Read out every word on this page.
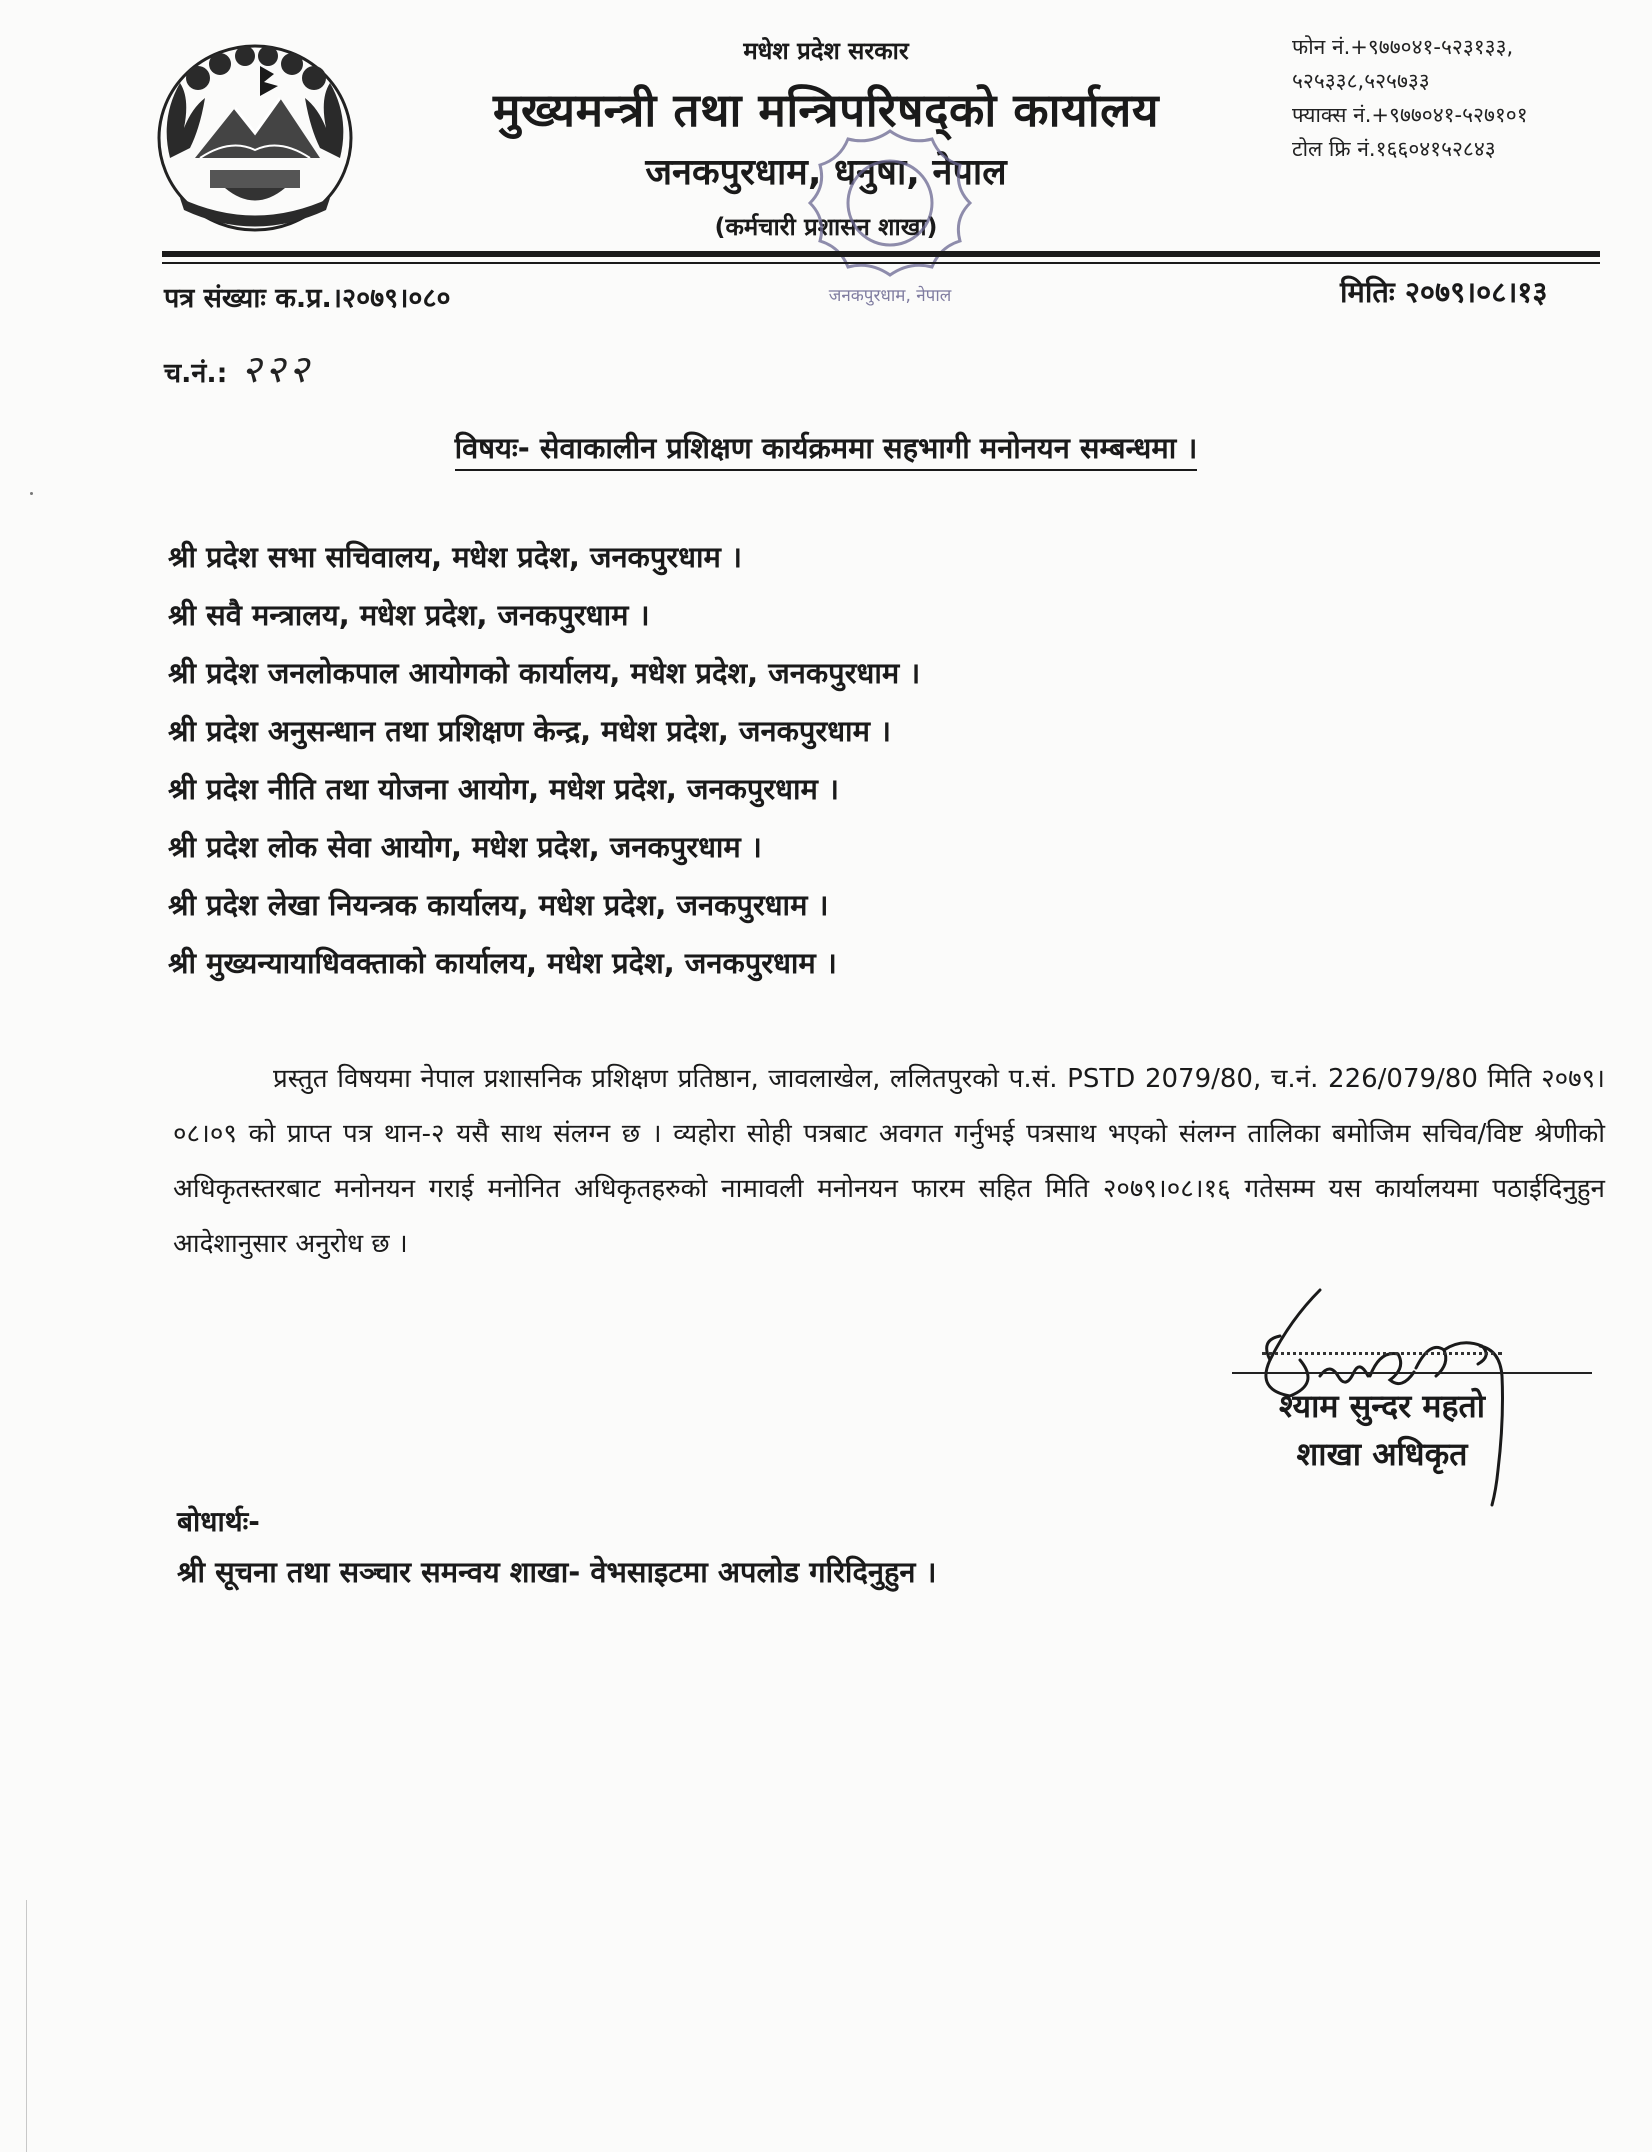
मधेश प्रदेश सरकार
मुख्यमन्त्री तथा मन्त्रिपरिषद्को कार्यालय
जनकपुरधाम, धनुषा, नेपाल
(कर्मचारी प्रशासन शाखा)
जनकपुरधाम, नेपाल
फोन नं.+९७७०४१-५२३१३३,
५२५३३८,५२५७३३
फ्याक्स नं.+९७७०४१-५२७१०१
टोल फ्रि नं.१६६०४१५२८४३
पत्र संख्याः क.प्र.।२०७९।०८०	मितिः २०७९।०८।१३
च.नं.: २२२
विषयः- सेवाकालीन प्रशिक्षण कार्यक्रममा सहभागी मनोनयन सम्बन्धमा ।
श्री प्रदेश सभा सचिवालय, मधेश प्रदेश, जनकपुरधाम ।
श्री सवै मन्त्रालय, मधेश प्रदेश, जनकपुरधाम ।
श्री प्रदेश जनलोकपाल आयोगको कार्यालय, मधेश प्रदेश, जनकपुरधाम ।
श्री प्रदेश अनुसन्धान तथा प्रशिक्षण केन्द्र, मधेश प्रदेश, जनकपुरधाम ।
श्री प्रदेश नीति तथा योजना आयोग, मधेश प्रदेश, जनकपुरधाम ।
श्री प्रदेश लोक सेवा आयोग, मधेश प्रदेश, जनकपुरधाम ।
श्री प्रदेश लेखा नियन्त्रक कार्यालय, मधेश प्रदेश, जनकपुरधाम ।
श्री मुख्यन्यायाधिवक्ताको कार्यालय, मधेश प्रदेश, जनकपुरधाम ।
प्रस्तुत विषयमा नेपाल प्रशासनिक प्रशिक्षण प्रतिष्ठान, जावलाखेल, ललितपुरको प.सं. PSTD 2079/80, च.नं. 226/079/80 मिति २०७९।०८।०९ को प्राप्त पत्र थान-२ यसै साथ संलग्न छ । व्यहोरा सोही पत्रबाट अवगत गर्नुभई पत्रसाथ भएको संलग्न तालिका बमोजिम सचिव/विष्ट श्रेणीको अधिकृतस्तरबाट मनोनयन गराई मनोनित अधिकृतहरुको नामावली मनोनयन फारम सहित मिति २०७९।०८।१६ गतेसम्म यस कार्यालयमा पठाईदिनुहुन आदेशानुसार अनुरोध छ ।
श्याम सुन्दर महतो
शाखा अधिकृत
बोधार्थः-
श्री सूचना तथा सञ्चार समन्वय शाखा- वेभसाइटमा अपलोड गरिदिनुहुन ।
